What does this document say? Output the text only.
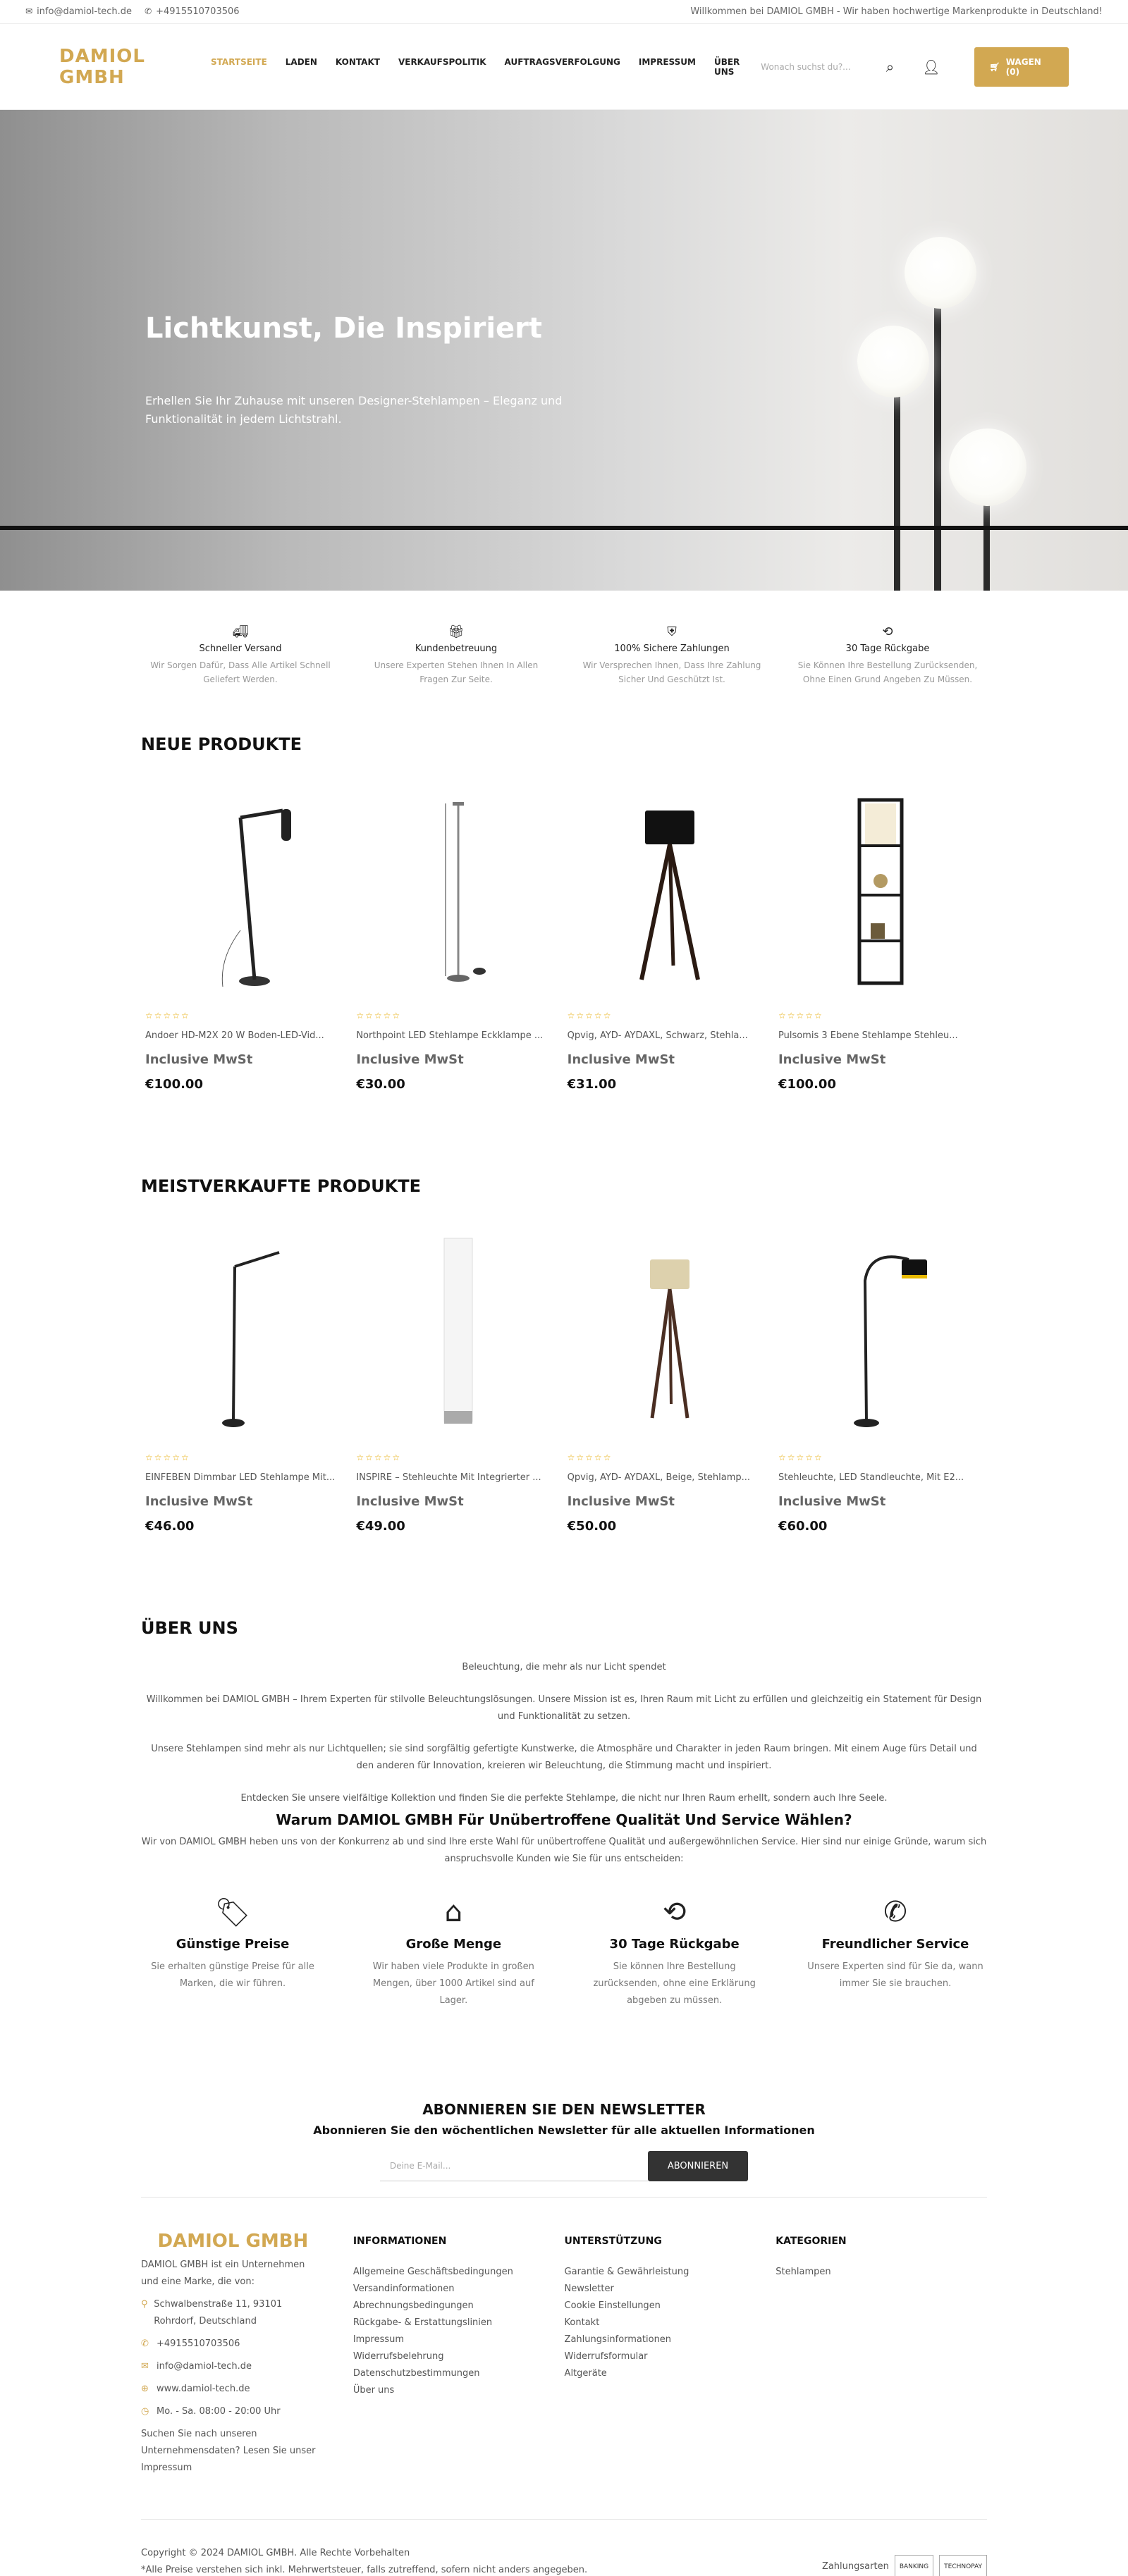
✉ info@damiol-tech.de ✆ +4915510703506	Willkommen bei DAMIOL GMBH - Wir haben hochwertige Markenprodukte in Deutschland!
DAMIOL GMBH
STARTSEITE LADEN KONTAKT VERKAUFSPOLITIK AUFTRAGSVERFOLGUNG IMPRESSUM ÜBER UNS	Wonach suchst du?...	⌕ 👤︎	🛒︎ WAGEN (0)
Lichtkunst, Die Inspiriert

Erhellen Sie Ihr Zuhause mit unseren Designer-Stehlampen – Eleganz und Funktionalität in jedem Lichtstrahl.

🚚︎
Schneller Versand
Wir Sorgen Dafür, Dass Alle Artikel Schnell Geliefert Werden.
🎁︎
Kundenbetreuung
Unsere Experten Stehen Ihnen In Allen Fragen Zur Seite.
⛨
100% Sichere Zahlungen
Wir Versprechen Ihnen, Dass Ihre Zahlung Sicher Und Geschützt Ist.
⟲
30 Tage Rückgabe
Sie Können Ihre Bestellung Zurücksenden, Ohne Einen Grund Angeben Zu Müssen.
NEUE PRODUKTE
☆☆☆☆☆
Andoer HD-M2X 20 W Boden-LED-Vid...
Inclusive MwSt
€100.00
☆☆☆☆☆
Northpoint LED Stehlampe Eckklampe ...
Inclusive MwSt
€30.00
☆☆☆☆☆
Qpvig, AYD- AYDAXL, Schwarz, Stehla...
Inclusive MwSt
€31.00
☆☆☆☆☆
Pulsomis 3 Ebene Stehlampe Stehleu...
Inclusive MwSt
€100.00
MEISTVERKAUFTE PRODUKTE
☆☆☆☆☆
EINFEBEN Dimmbar LED Stehlampe Mit...
Inclusive MwSt
€46.00
☆☆☆☆☆
INSPIRE – Stehleuchte Mit Integrierter ...
Inclusive MwSt
€49.00
☆☆☆☆☆
Qpvig, AYD- AYDAXL, Beige, Stehlamp...
Inclusive MwSt
€50.00
☆☆☆☆☆
Stehleuchte, LED Standleuchte, Mit E2...
Inclusive MwSt
€60.00
ÜBER UNS

Beleuchtung, die mehr als nur Licht spendet

Willkommen bei DAMIOL GMBH – Ihrem Experten für stilvolle Beleuchtungslösungen. Unsere Mission ist es, Ihren Raum mit Licht zu erfüllen und gleichzeitig ein Statement für Design und Funktionalität zu setzen.

Unsere Stehlampen sind mehr als nur Lichtquellen; sie sind sorgfältig gefertigte Kunstwerke, die Atmosphäre und Charakter in jeden Raum bringen. Mit einem Auge fürs Detail und den anderen für Innovation, kreieren wir Beleuchtung, die Stimmung macht und inspiriert.

Entdecken Sie unsere vielfältige Kollektion und finden Sie die perfekte Stehlampe, die nicht nur Ihren Raum erhellt, sondern auch Ihre Seele.

Warum DAMIOL GMBH Für Unübertroffene Qualität Und Service Wählen?
Wir von DAMIOL GMBH heben uns von der Konkurrenz ab und sind Ihre erste Wahl für unübertroffene Qualität und außergewöhnlichen Service. Hier sind nur einige Gründe, warum sich anspruchsvolle Kunden wie Sie für uns entscheiden:
🏷︎
Günstige Preise
Sie erhalten günstige Preise für alle Marken, die wir führen.
⌂
Große Menge
Wir haben viele Produkte in großen Mengen, über 1000 Artikel sind auf Lager.
⟲
30 Tage Rückgabe
Sie können Ihre Bestellung zurücksenden, ohne eine Erklärung abgeben zu müssen.
✆
Freundlicher Service
Unsere Experten sind für Sie da, wann immer Sie sie brauchen.
ABONNIEREN SIE DEN NEWSLETTER
Abonnieren Sie den wöchentlichen Newsletter für alle aktuellen Informationen
Deine E-Mail...	ABONNIEREN
DAMIOL GMBH
DAMIOL GMBH ist ein Unternehmen und eine Marke, die von:
⚲ Schwalbenstraße 11, 93101 Rohrdorf, Deutschland
✆ +4915510703506
✉ info@damiol-tech.de
⊕ www.damiol-tech.de
◷ Mo. - Sa. 08:00 - 20:00 Uhr
Suchen Sie nach unseren Unternehmensdaten? Lesen Sie unser Impressum
INFORMATIONEN
Allgemeine Geschäftsbedingungen
Versandinformationen
Abrechnungsbedingungen
Rückgabe- & Erstattungslinien
Impressum
Widerrufsbelehrung
Datenschutzbestimmungen
Über uns
UNTERSTÜTZUNG
Garantie & Gewährleistung
Newsletter
Cookie Einstellungen
Kontakt
Zahlungsinformationen
Widerrufsformular
Altgeräte
KATEGORIEN
Stehlampen
Copyright © 2024 DAMIOL GMBH. Alle Rechte Vorbehalten
*Alle Preise verstehen sich inkl. Mehrwertsteuer, falls zutreffend, sofern nicht anders angegeben.	Zahlungsarten	BANKING	TECHNOPAY
